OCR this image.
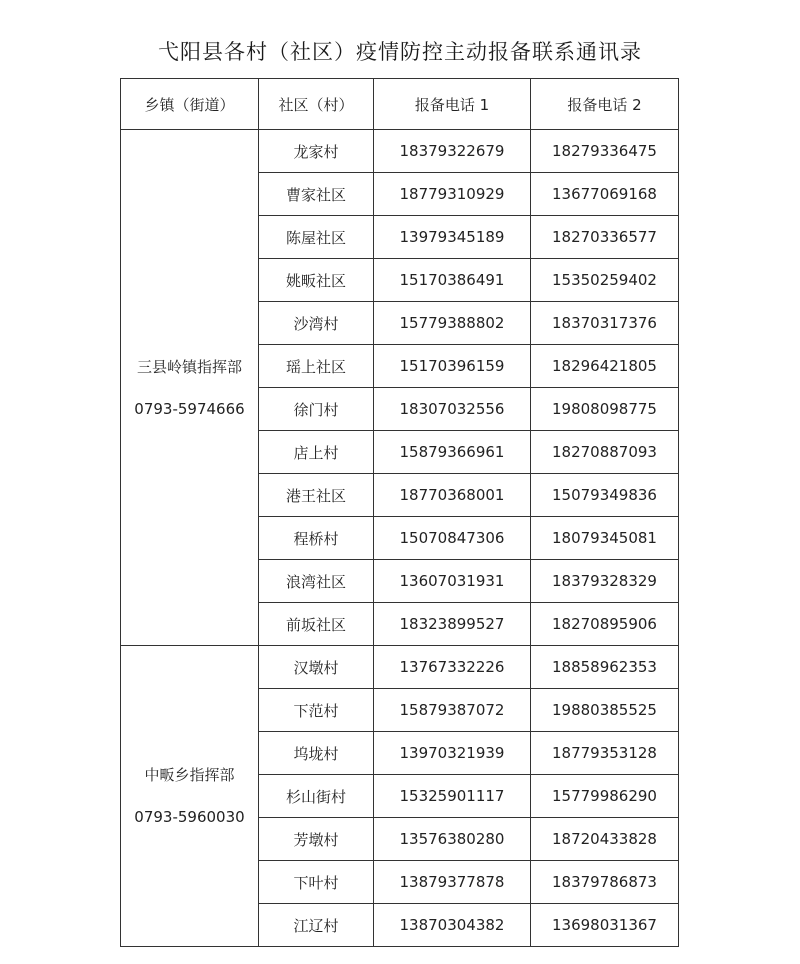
弋阳县各村（社区）疫情防控主动报备联系通讯录
乡镇（街道）	社区（村）	报备电话 1	报备电话 2

三县岭镇指挥部
0793-5974666	龙家村	18379322679	18279336475
	曹家社区	18779310929	13677069168
	陈屋社区	13979345189	18270336577
	姚畈社区	15170386491	15350259402
	沙湾村	15779388802	18370317376
	瑶上社区	15170396159	18296421805
	徐门村	18307032556	19808098775
	店上村	15879366961	18270887093
	港王社区	18770368001	15079349836
	程桥村	15070847306	18079345081
	浪湾社区	13607031931	18379328329
	前坂社区	18323899527	18270895906

中畈乡指挥部
0793-5960030	汉墩村	13767332226	18858962353
	下范村	15879387072	19880385525
	坞垅村	13970321939	18779353128
	杉山街村	15325901117	15779986290
	芳墩村	13576380280	18720433828
	下叶村	13879377878	18379786873
	江辽村	13870304382	13698031367
